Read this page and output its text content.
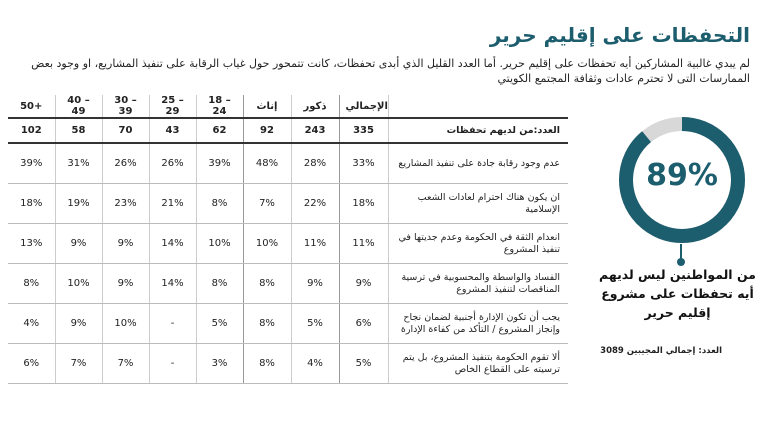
التحفظات على إقليم حرير

لم يبدي غالبية المشاركين أيه تحفظات على إقليم حرير. أما العدد القليل الذي أبدى تحفظات، كانت تتمحور حول غياب الرقابة على تنفيذ المشاريع، او وجود بعض الممارسات التى لا تحترم عادات وثقافة المجتمع الكويتي

50+	40 – 49	30 – 39	25 – 29	18 – 24	إناث	ذكور	الإجمالي	
102	58	70	43	62	92	243	335	العدد:من لديهم تحفظات
39%	31%	26%	26%	39%	48%	28%	33%	عدم وجود رقابة جادة على تنفيذ المشاريع
18%	19%	23%	21%	8%	7%	22%	18%	ان يكون هناك احترام لعادات الشعب الإسلامية
13%	9%	9%	14%	10%	10%	11%	11%	انعدام الثقة في الحكومة وعدم جديتها في تنفيذ المشروع
8%	10%	9%	14%	8%	8%	9%	9%	الفساد والواسطة والمحسوبية في ترسية المناقصات لتنفيذ المشروع
4%	9%	10%	-	5%	8%	5%	6%	يجب أن تكون الإدارة أجنبية لضمان نجاح وإنجاز المشروع / التأكد من كفاءة الإدارة
6%	7%	7%	-	3%	8%	4%	5%	ألا تقوم الحكومة بتنفيذ المشروع، بل يتم ترسيته على القطاع الخاص
89%

من المواطنين ليس لديهم أيه تحفظات على مشروع إقليم حرير

العدد: إجمالي المجيبين 3089
